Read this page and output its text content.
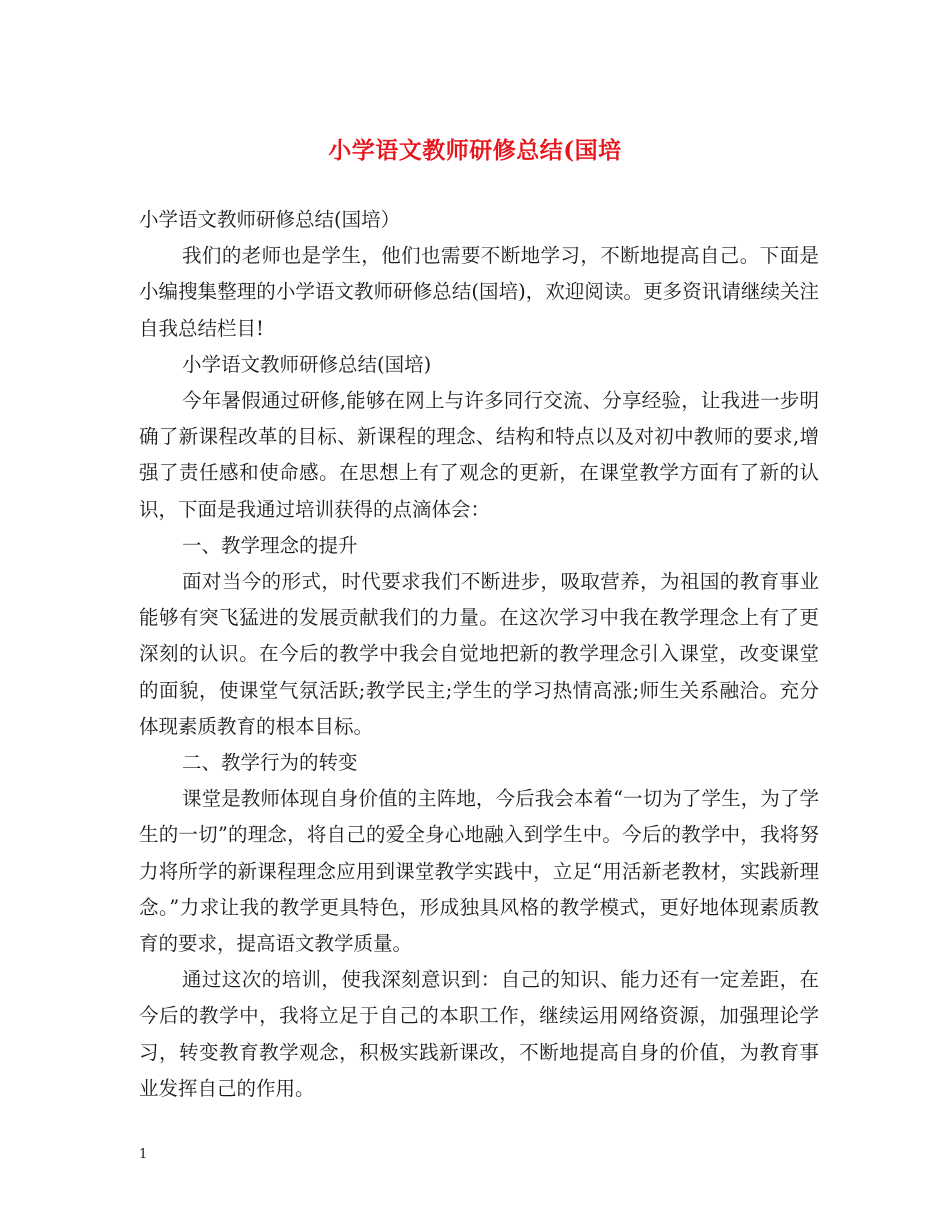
小学语文教师研修总结(国培

小学语文教师研修总结(国培）

我们的老师也是学生，他们也需要不断地学习，不断地提高自己。下面是小编搜集整理的小学语文教师研修总结(国培)，欢迎阅读。更多资讯请继续关注自我总结栏目!

小学语文教师研修总结(国培)

今年暑假通过研修,能够在网上与许多同行交流、分享经验，让我进一步明确了新课程改革的目标、新课程的理念、结构和特点以及对初中教师的要求,增强了责任感和使命感。在思想上有了观念的更新，在课堂教学方面有了新的认识，下面是我通过培训获得的点滴体会：

一、教学理念的提升

面对当今的形式，时代要求我们不断进步，吸取营养，为祖国的教育事业能够有突飞猛进的发展贡献我们的力量。在这次学习中我在教学理念上有了更深刻的认识。在今后的教学中我会自觉地把新的教学理念引入课堂，改变课堂的面貌，使课堂气氛活跃;教学民主;学生的学习热情高涨;师生关系融洽。充分体现素质教育的根本目标。

二、教学行为的转变

课堂是教师体现自身价值的主阵地，今后我会本着“一切为了学生，为了学生的一切”的理念，将自己的爱全身心地融入到学生中。今后的教学中，我将努力将所学的新课程理念应用到课堂教学实践中，立足“用活新老教材，实践新理念。”力求让我的教学更具特色，形成独具风格的教学模式，更好地体现素质教育的要求，提高语文教学质量。

通过这次的培训，使我深刻意识到：自己的知识、能力还有一定差距，在今后的教学中，我将立足于自己的本职工作，继续运用网络资源，加强理论学习，转变教育教学观念，积极实践新课改，不断地提高自身的价值，为教育事业发挥自己的作用。

1
